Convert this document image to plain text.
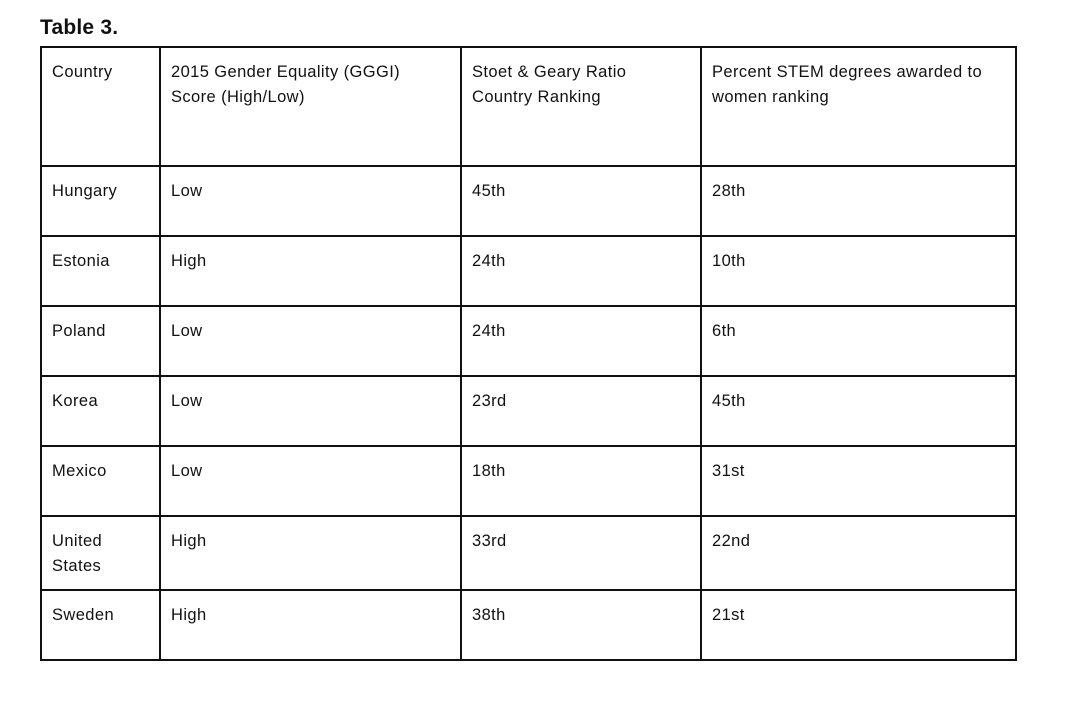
Table 3.
Country	2015 Gender Equality (GGGI) Score (High/Low)	Stoet & Geary Ratio Country Ranking	Percent STEM degrees awarded to women ranking
Hungary	Low	45th	28th
Estonia	High	24th	10th
Poland	Low	24th	6th
Korea	Low	23rd	45th
Mexico	Low	18th	31st
United States	High	33rd	22nd
Sweden	High	38th	21st
